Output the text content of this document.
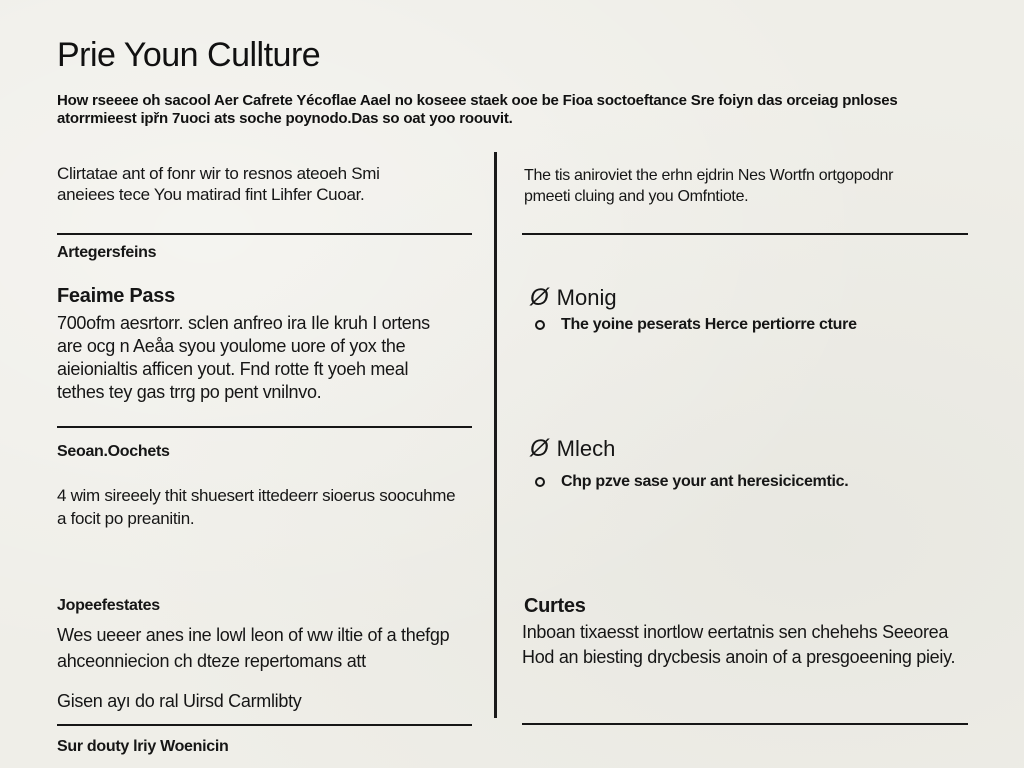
Prie Youn Cullture
How rseeee oh sacool Aer Cafrete Yécoflae Aael no koseee staek ooe be Fioa soctoeftance Sre foiyn das orceiag pnloses atorrmieest ipřn 7uoci ats soche poynodo.Das so oat yoo roouvit.
Clirtatae ant of fonr wir to resnos ateoeh Smi aneiees tece You matirad fint Lihfer Cuoar.
Artegersfeins
Feaime Pass
700ofm aesrtorr. sclen anfreo ira Ile kruh I ortens are ocg n Aeåa syou youlome uore of yox the aieionialtis afficen yout. Fnd rotte ft yoeh meal tethes tey gas trrg po pent vnilnvo.
Seoan.Oochets
4 wim sireeely thit shuesert ittedeerr sioerus soocuhme a focit po preanitin.
Jopeefestates
Wes ueeer anes ine lowl leon of ww iltie of a thefgp ahceonniecion ch dteze repertomans att
Gisen ayı do ral Uirsd Carmlibty
Sur douty lriy Woenicin
The tis aniroviet the erhn ejdrin Nes Wortfn ortgopodnr pmeeti cluing and you Omfntiote.
Ø Monig
The yoine peserats Herce pertiorre cture
Ø Mlech
Chp pzve sase your ant heresicicemtic.
Curtes
Inboan tixaesst inortlow eertatnis sen chehehs Seeorea Hod an biesting drycbesis anoin of a presgoeening pieiy.
